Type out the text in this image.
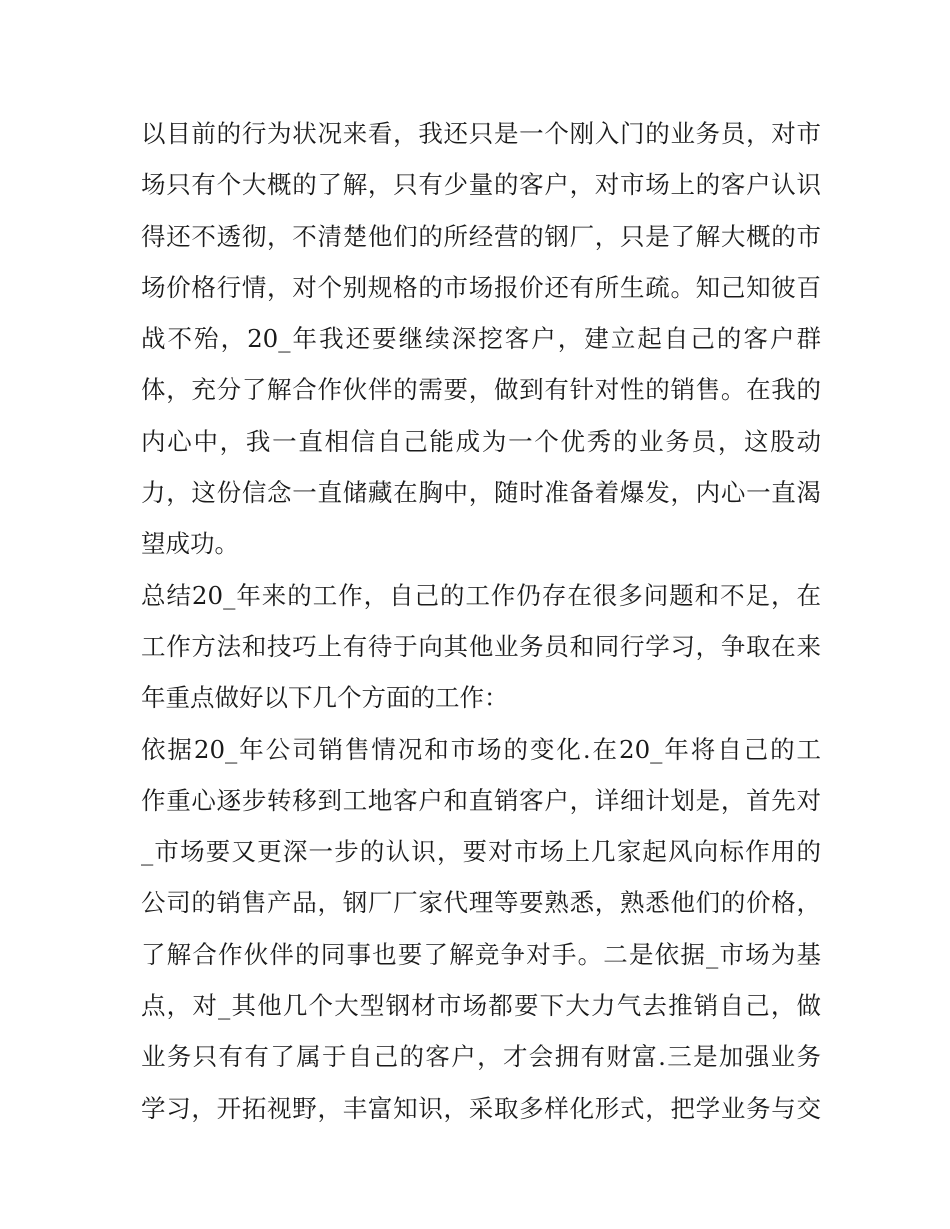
以目前的行为状况来看，我还只是一个刚入门的业务员，对市
场只有个大概的了解，只有少量的客户，对市场上的客户认识
得还不透彻，不清楚他们的所经营的钢厂，只是了解大概的市
场价格行情，对个别规格的市场报价还有所生疏。知己知彼百
战不殆，20_年我还要继续深挖客户，建立起自己的客户群
体，充分了解合作伙伴的需要，做到有针对性的销售。在我的
内心中，我一直相信自己能成为一个优秀的业务员，这股动
力，这份信念一直储藏在胸中，随时准备着爆发，内心一直渴
望成功。
总结20_年来的工作，自己的工作仍存在很多问题和不足，在
工作方法和技巧上有待于向其他业务员和同行学习，争取在来
年重点做好以下几个方面的工作：
依据20_年公司销售情况和市场的变化.在20_年将自己的工
作重心逐步转移到工地客户和直销客户，详细计划是，首先对
_市场要又更深一步的认识，要对市场上几家起风向标作用的
公司的销售产品，钢厂厂家代理等要熟悉，熟悉他们的价格，
了解合作伙伴的同事也要了解竞争对手。二是依据_市场为基
点，对_其他几个大型钢材市场都要下大力气去推销自己，做
业务只有有了属于自己的客户，才会拥有财富.三是加强业务
学习，开拓视野，丰富知识，采取多样化形式，把学业务与交
